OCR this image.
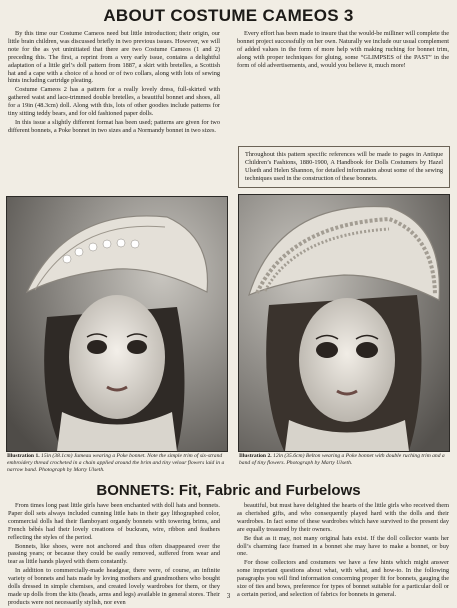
ABOUT COSTUME CAMEOS 3

By this time our Costume Cameos need but little introduction; their origin, our little brain children, was discussed briefly in two previous issues. However, we will note for the as yet uninitiated that there are two Costume Cameos (1 and 2) preceding this. The first, a reprint from a very early issue, contains a delightful adaptation of a little girl’s doll pattern from 1887, a skirt with bretelles, a Scottish hat and a cape with a choice of a hood or of two collars, along with lots of sewing hints including cartridge pleating.

Costume Cameos 2 has a pattern for a really lovely dress, full-skirted with gathered waist and lace-trimmed double bretelles, a beautiful bonnet and shoes, all for a 19in (48.3cm) doll. Along with this, lots of other goodies include patterns for tiny sitting teddy bears, and for old fashioned paper dolls.

In this issue a slightly different format has been used; patterns are given for two different bonnets, a Poke bonnet in two sizes and a Normandy bonnet in two sizes.

Every effort has been made to insure that the would-be milliner will complete the bonnet project successfully on her own. Naturally we include our usual complement of added values in the form of more help with making ruching for bonnet trim, along with proper techniques for gluing, some “GLIMPSES of the PAST” in the form of old advertisements, and, would you believe it, much more!

Throughout this pattern specific references will be made to pages in Antique Children’s Fashions, 1880-1900, A Handbook for Dolls Costumers by Hazel Ulseth and Helen Shannon, for detailed information about some of the sewing techniques used in the construction of these bonnets.
Illustration 1. 15in (38.1cm) Jumeau wearing a Poke bonnet. Note the simple trim of six-strand embroidery thread crocheted in a chain applied around the brim and tiny velour flowers laid in a narrow band. Photograph by Marty Ulseth.
Illustration 2. 12in (35.6cm) Belton wearing a Poke bonnet with double ruching trim and a band of tiny flowers. Photograph by Marty Ulseth.
BONNETS: Fit, Fabric and Furbelows

From times long past little girls have been enchanted with doll hats and bonnets. Paper doll sets always included cunning little hats in their gay lithographed color, commercial dolls had their flamboyant organdy bonnets with towering brims, and French bébés had their lovely creations of buckram, wire, ribbon and feathers reflecting the styles of the period.

Bonnets, like shoes, were not anchored and thus often disappeared over the passing years; or because they could be easily removed, suffered from wear and tear as little hands played with them constantly.

In addition to commercially-made headgear, there were, of course, an infinite variety of bonnets and hats made by loving mothers and grandmothers who bought dolls dressed in simple chemises, and created lovely wardrobes for them, or they made up dolls from the kits (heads, arms and legs) available in general stores. Their products were not necessarily stylish, nor even

beautiful, but must have delighted the hearts of the little girls who received them as cherished gifts, and who consequently played hard with the dolls and their wardrobes. In fact some of these wardrobes which have survived to the present day are equally treasured by their owners.

Be that as it may, not many original hats exist. If the doll collector wants her doll’s charming face framed in a bonnet she may have to make a bonnet, or buy one.

For those collectors and costumers we have a few hints which might answer some important questions about what, with what, and how-to. In the following paragraphs you will find information concerning proper fit for bonnets, gauging the size of ties and bows, preference for types of bonnet suitable for a particular doll or a certain period, and selection of fabrics for bonnets in general.

3
